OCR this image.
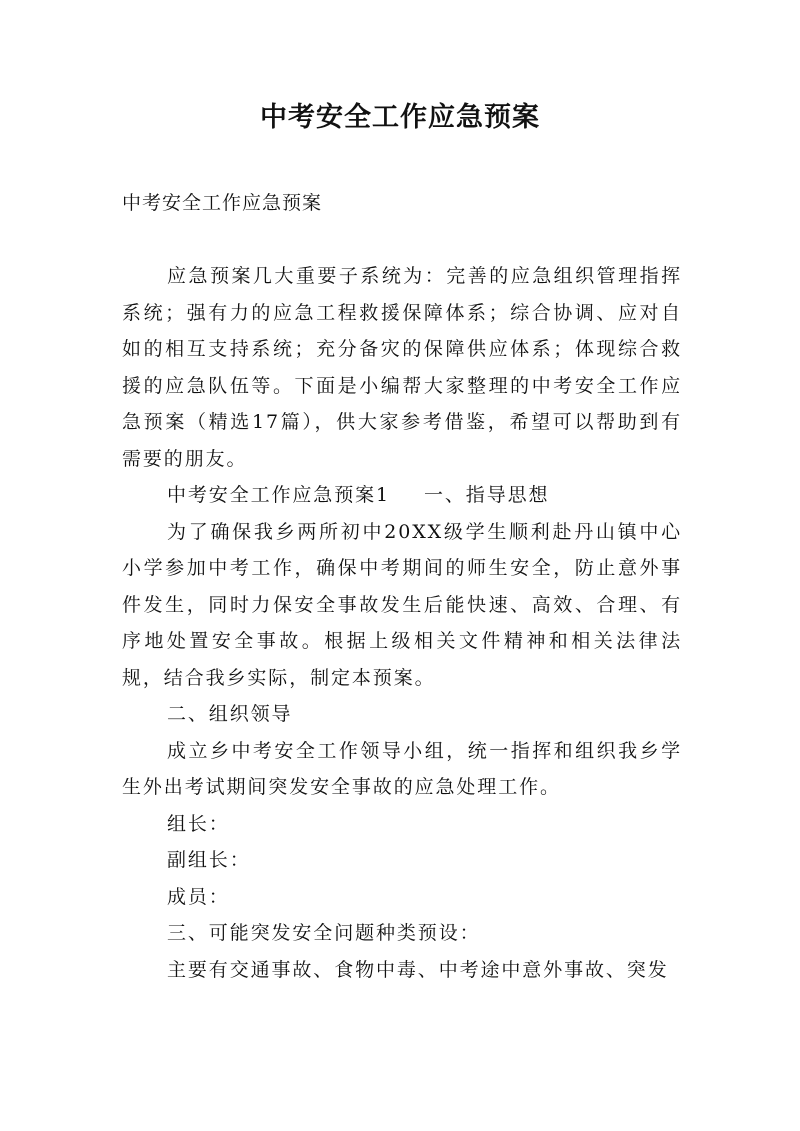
中考安全工作应急预案

中考安全工作应急预案

应急预案几大重要子系统为：完善的应急组织管理指挥系统；强有力的应急工程救援保障体系；综合协调、应对自如的相互支持系统；充分备灾的保障供应体系；体现综合救援的应急队伍等。下面是小编帮大家整理的中考安全工作应急预案（精选17篇），供大家参考借鉴，希望可以帮助到有需要的朋友。

中考安全工作应急预案1 一、指导思想

为了确保我乡两所初中20XX级学生顺利赴丹山镇中心小学参加中考工作，确保中考期间的师生安全，防止意外事件发生，同时力保安全事故发生后能快速、高效、合理、有序地处置安全事故。根据上级相关文件精神和相关法律法规，结合我乡实际，制定本预案。

二、组织领导

成立乡中考安全工作领导小组，统一指挥和组织我乡学生外出考试期间突发安全事故的应急处理工作。

组长：

副组长：

成员：

三、可能突发安全问题种类预设：

主要有交通事故、食物中毒、中考途中意外事故、突发
